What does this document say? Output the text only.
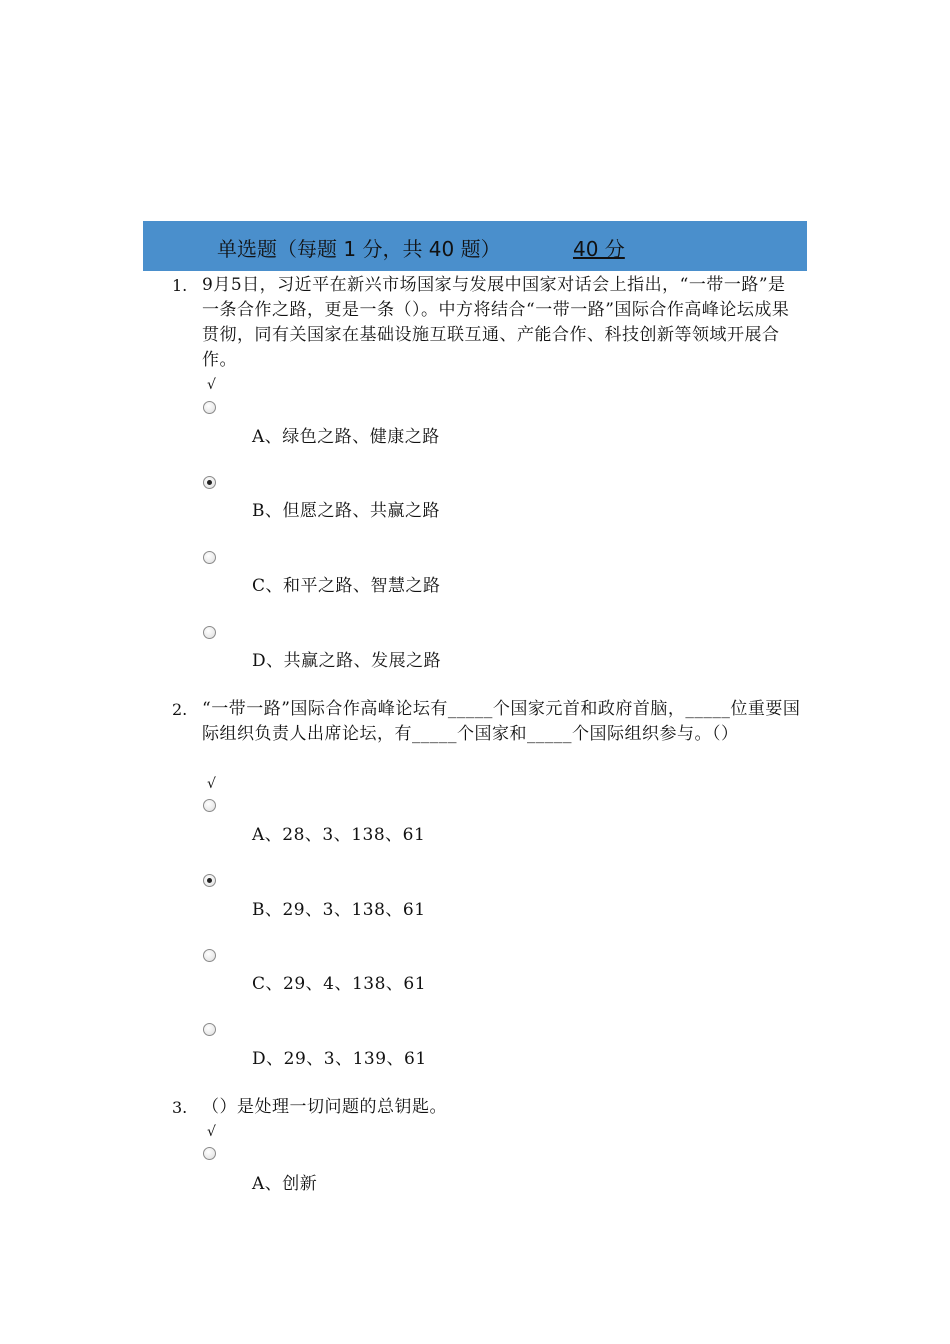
单选题（每题 1 分，共 40 题）	40 分
1. 9月5日，习近平在新兴市场国家与发展中国家对话会上指出，“一带一路”是一条合作之路，更是一条（）。中方将结合“一带一路”国际合作高峰论坛成果贯彻，同有关国家在基础设施互联互通、产能合作、科技创新等领域开展合作。
√
A、绿色之路、健康之路
B、但愿之路、共赢之路
C、和平之路、智慧之路
D、共赢之路、发展之路
2. “一带一路”国际合作高峰论坛有_____个国家元首和政府首脑，_____位重要国际组织负责人出席论坛，有_____个国家和_____个国际组织参与。（）
√
A、28、3、138、61
B、29、3、138、61
C、29、4、138、61
D、29、3、139、61
3. （）是处理一切问题的总钥匙。
√
A、创新
